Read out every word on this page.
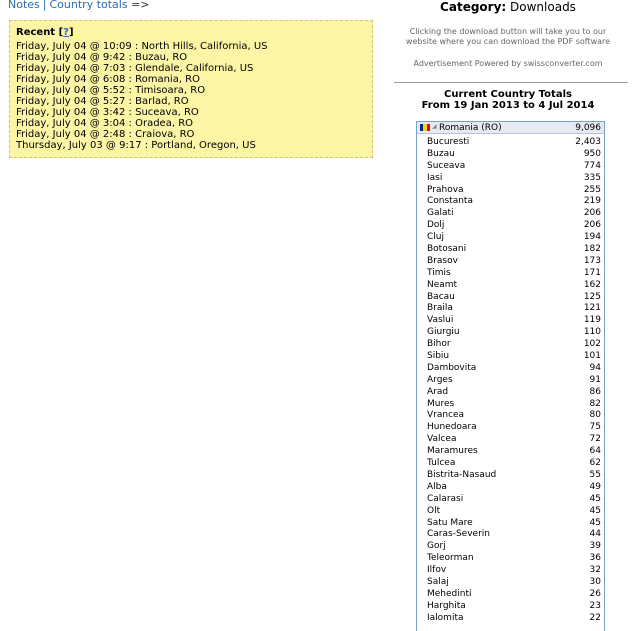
Notes | Country totals =>
Recent [?]
Friday, July 04 @ 10:09 : North Hills, California, US
Friday, July 04 @ 9:42 : Buzau, RO
Friday, July 04 @ 7:03 : Glendale, California, US
Friday, July 04 @ 6:08 : Romania, RO
Friday, July 04 @ 5:52 : Timisoara, RO
Friday, July 04 @ 5:27 : Barlad, RO
Friday, July 04 @ 3:42 : Suceava, RO
Friday, July 04 @ 3:04 : Oradea, RO
Friday, July 04 @ 2:48 : Craiova, RO
Thursday, July 03 @ 9:17 : Portland, Oregon, US
Category: Downloads
Clicking the download button will take you to our
website where you can download the PDF software
Advertisement Powered by swissconverter.com
Current Country Totals
From 19 Jan 2013 to 4 Jul 2014
◢ Romania (RO)	9,096
Bucuresti	2,403
Buzau	950
Suceava	774
Iasi	335
Prahova	255
Constanta	219
Galati	206
Dolj	206
Cluj	194
Botosani	182
Brasov	173
Timis	171
Neamt	162
Bacau	125
Braila	121
Vaslui	119
Giurgiu	110
Bihor	102
Sibiu	101
Dambovita	94
Arges	91
Arad	86
Mures	82
Vrancea	80
Hunedoara	75
Valcea	72
Maramures	64
Tulcea	62
Bistrita-Nasaud	55
Alba	49
Calarasi	45
Olt	45
Satu Mare	45
Caras-Severin	44
Gorj	39
Teleorman	36
Ilfov	32
Salaj	30
Mehedinti	26
Harghita	23
Ialomita	22
